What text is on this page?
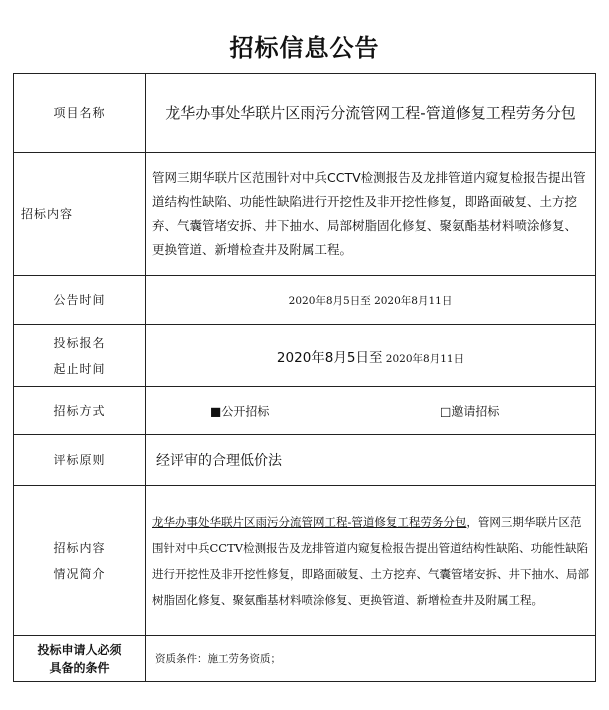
招标信息公告
项目名称	龙华办事处华联片区雨污分流管网工程-管道修复工程劳务分包
招标内容	管网三期华联片区范围针对中兵CCTV检测报告及龙排管道内窥复检报告提出管道结构性缺陷、功能性缺陷进行开挖性及非开挖性修复，即路面破复、土方挖弃、气囊管堵安拆、井下抽水、局部树脂固化修复、聚氨酯基材料喷涂修复、更换管道、新增检查井及附属工程。
公告时间	2020年8月5日至 2020年8月11日

投标报名
起止时间	2020年8月5日至 2020年8月11日
招标方式	■公开招标 □邀请招标

评标原则	经评审的合理低价法

招标内容
情况简介	龙华办事处华联片区雨污分流管网工程-管道修复工程劳务分包，管网三期华联片区范围针对中兵CCTV检测报告及龙排管道内窥复检报告提出管道结构性缺陷、功能性缺陷进行开挖性及非开挖性修复，即路面破复、土方挖弃、气囊管堵安拆、井下抽水、局部树脂固化修复、聚氨酯基材料喷涂修复、更换管道、新增检查井及附属工程。

投标申请人必须
具备的条件	资质条件：施工劳务资质；
